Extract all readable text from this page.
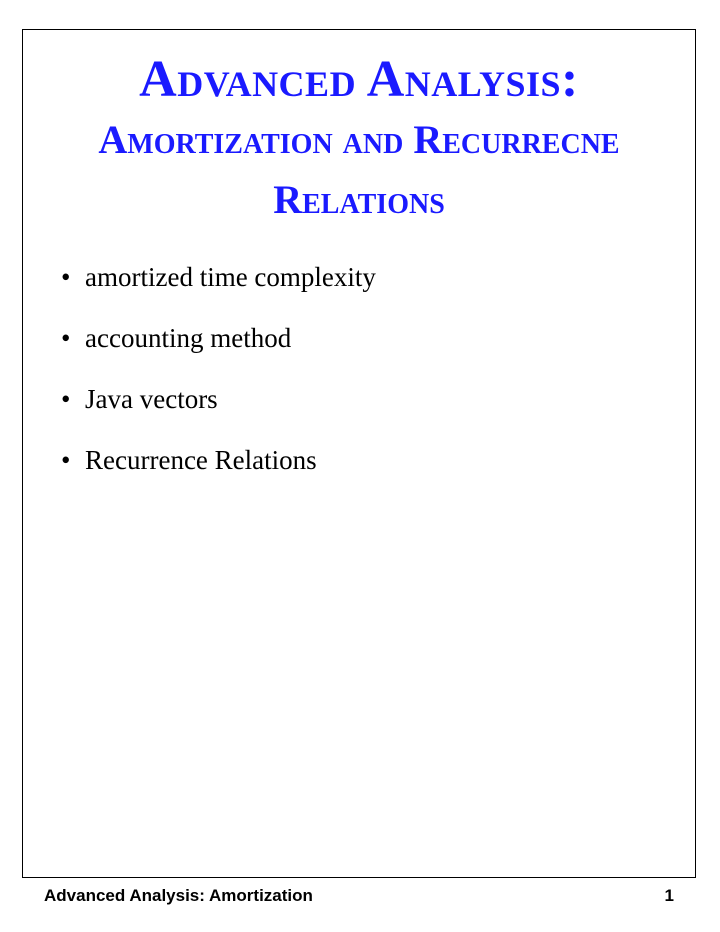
Advanced Analysis:
Amortization and Recurrecne
Relations
• amortized time complexity
• accounting method
• Java vectors
• Recurrence Relations
Advanced Analysis: Amortization	1
